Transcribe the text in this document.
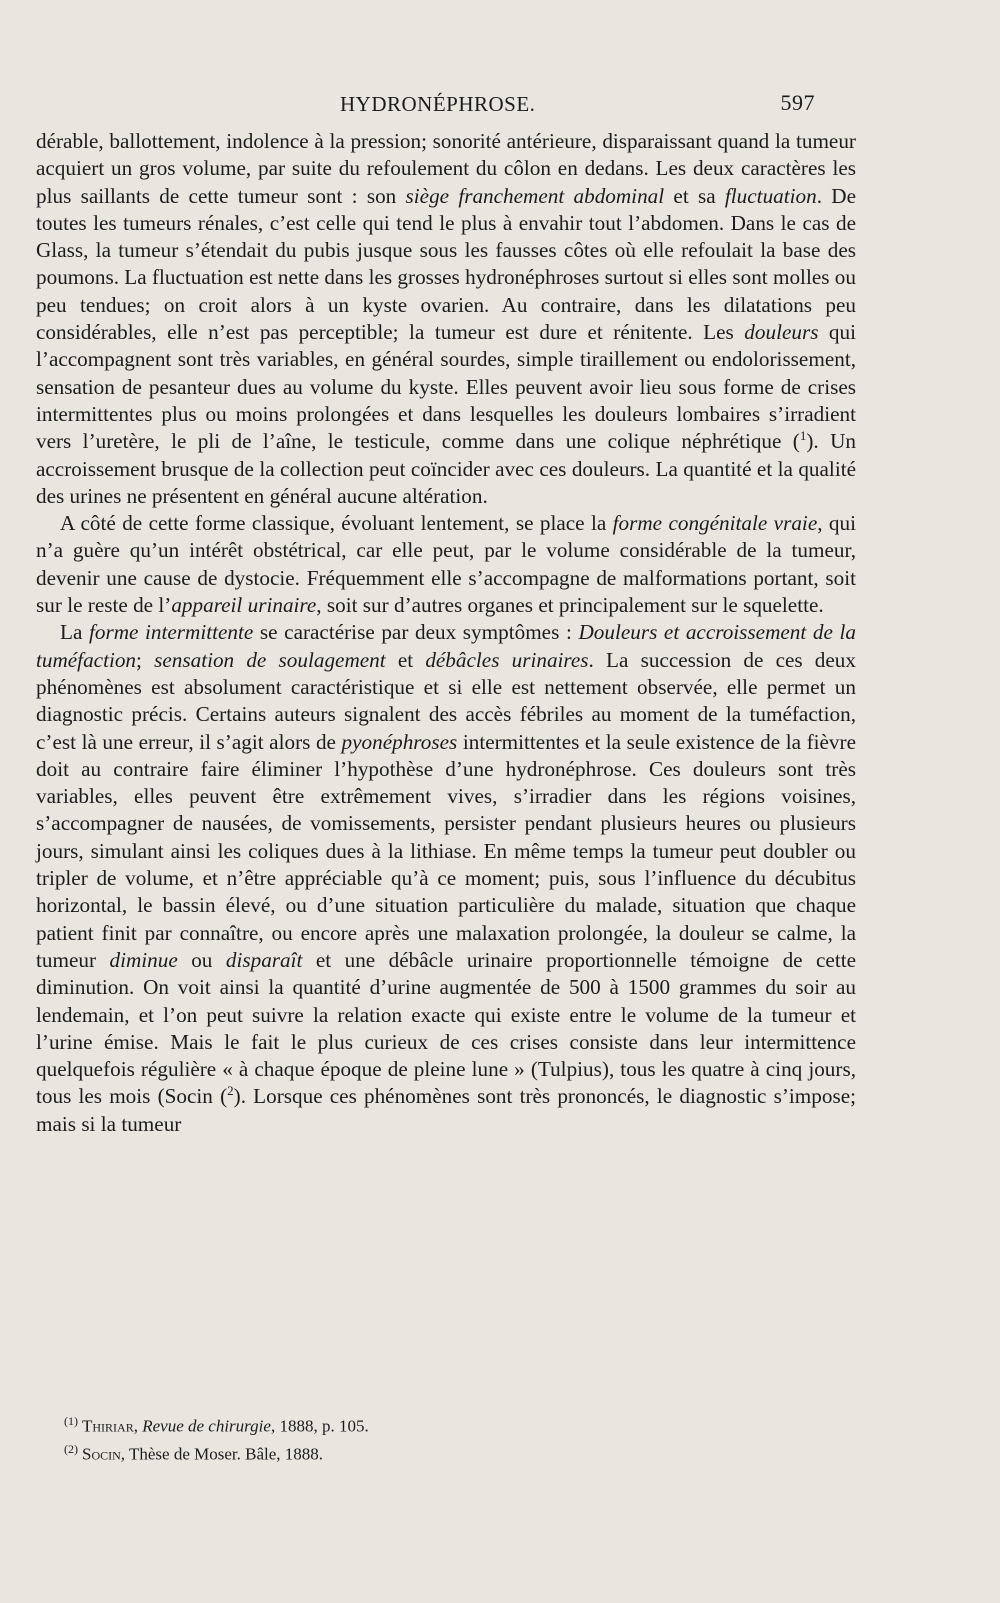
HYDRONÉPHROSE.	597

dérable, ballottement, indolence à la pression; sonorité antérieure, disparaissant quand la tumeur acquiert un gros volume, par suite du refoulement du côlon en dedans. Les deux caractères les plus saillants de cette tumeur sont : son siège franchement abdominal et sa fluctuation. De toutes les tumeurs rénales, c’est celle qui tend le plus à envahir tout l’abdomen. Dans le cas de Glass, la tumeur s’étendait du pubis jusque sous les fausses côtes où elle refoulait la base des poumons. La fluctuation est nette dans les grosses hydronéphroses surtout si elles sont molles ou peu tendues; on croit alors à un kyste ovarien. Au contraire, dans les dilatations peu considérables, elle n’est pas perceptible; la tumeur est dure et rénitente. Les douleurs qui l’accompagnent sont très variables, en général sourdes, simple tiraillement ou endolorissement, sensation de pesanteur dues au volume du kyste. Elles peuvent avoir lieu sous forme de crises intermittentes plus ou moins prolongées et dans lesquelles les douleurs lombaires s’irradient vers l’uretère, le pli de l’aîne, le testicule, comme dans une colique néphrétique ($^1$). Un accroissement brusque de la collection peut coïncider avec ces douleurs. La quantité et la qualité des urines ne présentent en général aucune altération.

A côté de cette forme classique, évoluant lentement, se place la forme congénitale vraie, qui n’a guère qu’un intérêt obstétrical, car elle peut, par le volume considérable de la tumeur, devenir une cause de dystocie. Fréquemment elle s’accompagne de malformations portant, soit sur le reste de l’appareil urinaire, soit sur d’autres organes et principalement sur le squelette.

La forme intermittente se caractérise par deux symptômes : Douleurs et accroissement de la tuméfaction; sensation de soulagement et débâcles urinaires. La succession de ces deux phénomènes est absolument caractéristique et si elle est nettement observée, elle permet un diagnostic précis. Certains auteurs signalent des accès fébriles au moment de la tuméfaction, c’est là une erreur, il s’agit alors de pyonéphroses intermittentes et la seule existence de la fièvre doit au contraire faire éliminer l’hypothèse d’une hydronéphrose. Ces douleurs sont très variables, elles peuvent être extrêmement vives, s’irradier dans les régions voisines, s’accompagner de nausées, de vomissements, persister pendant plusieurs heures ou plusieurs jours, simulant ainsi les coliques dues à la lithiase. En même temps la tumeur peut doubler ou tripler de volume, et n’être appréciable qu’à ce moment; puis, sous l’influence du décubitus horizontal, le bassin élevé, ou d’une situation particulière du malade, situation que chaque patient finit par connaître, ou encore après une malaxation prolongée, la douleur se calme, la tumeur diminue ou disparaît et une débâcle urinaire proportionnelle témoigne de cette diminution. On voit ainsi la quantité d’urine augmentée de 500 à 1500 grammes du soir au lendemain, et l’on peut suivre la relation exacte qui existe entre le volume de la tumeur et l’urine émise. Mais le fait le plus curieux de ces crises consiste dans leur intermittence quelquefois régulière « à chaque époque de pleine lune » (Tulpius), tous les quatre à cinq jours, tous les mois (Socin ($^2$). Lorsque ces phénomènes sont très prononcés, le diagnostic s’impose; mais si la tumeur

$^{(1)}$ Thiriar, Revue de chirurgie, 1888, p. 105.
$^{(2)}$ Socin, Thèse de Moser. Bâle, 1888.
